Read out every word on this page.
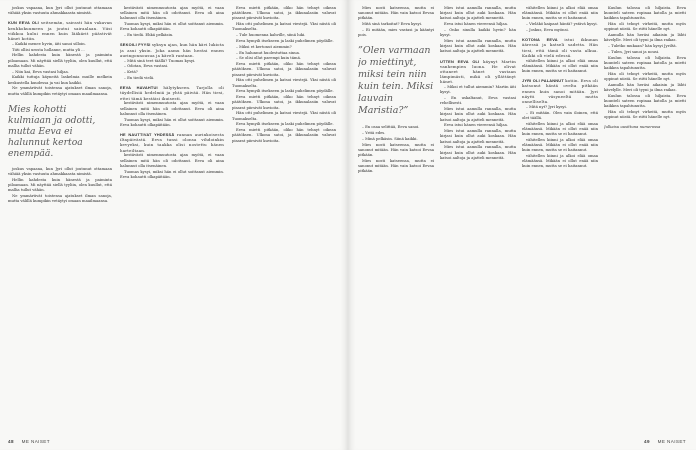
joskus vapaana, kun Jyri ollut joutunut ottamaan vähiää yksin vastuuta ahmakkaasta nimistä.

KUN EEVA OLI seitsemän, sairasti hän vakavan keuhkokuumeen ja joutui sairaalaan. Viisi viikkoa kului ennen kuin lääkärit päästivät hänet kotiin.

– Kaikki menee hyvin, äiti sanoi silloin.

Tiiti ollisi urosta hollanne, mutta yli ...

Hellin kahdesta kuin hänestä ja paiminta piloamaan. Mi näyttää siellä tyyliin, olen kuullut, että mallia tullut vähän.

– Niin kai, Eeva vastasi hiljaa.

Kaikki tuttuja käyneitä laskelmia muille melkein keskustella kuudessa ja vai kun kaikki.

Ne ymmärtivät toistensa ajatukset ilman sanoja, mutta välillä kumpikin vetäytyi omaan maailmaansa.

Mies kohotti kulmiaan ja odotti, mutta Eeva ei halunnut kertoa enempää.

joskus vapaana, kun Jyri ollut joutunut ottamaan vähiää yksin vastuuta ahmakkaasta nimistä.

Hellin kahdesta kuin hänestä ja paiminta piloamaan. Mi näyttää siellä tyyliin, olen kuullut, että mallia tullut vähän.

Ne ymmärtivät toistensa ajatukset ilman sanoja, mutta välillä kumpikin vetäytyi omaan maailmaansa.

kestävästi nimenmuutosta ajan myötä, ei vaan sellainen mitä hän oli odottanut. Eeva oli aina halunnut olla itsenäinen.

Tuomas kysyi, miksi hän ei ollut soittanut aiemmin. Eeva kohautti olkapäitään.

– En tiedä. Ehkä pelkäsin.

SEKOILI FYYSI syksyn ajan, kun hän kävi lukiota ja asui yksin. Joka aamu hän heräsi ennen auringonnousua ja käveli rantaan.

– Mitä sinä teet täällä? Tuomas kysyi.

– Odotan, Eeva vastasi.

– Ketä?

– En tiedä vielä.

EEVA HAVAHTUI hälytykseen. Tarjolla oli täydellisiä hedelmiä ja yhtä päivää. Hän tiesi, ettei tämä kestäisi ikuisesti.

kestävästi nimenmuutosta ajan myötä, ei vaan sellainen mitä hän oli odottanut. Eeva oli aina halunnut olla itsenäinen.

Tuomas kysyi, miksi hän ei ollut soittanut aiemmin. Eeva kohautti olkapäitään.

HE NAUTTIVAT YHDESSÄ rannan aurinkoisesta iltapäivästä. Eeva tunsi olonsa vihdoinkin kevyeksi, kuin taakka olisi nostettu hänen harteiltaan.

kestävästi nimenmuutosta ajan myötä, ei vaan sellainen mitä hän oli odottanut. Eeva oli aina halunnut olla itsenäinen.

Tuomas kysyi, miksi hän ei ollut soittanut aiemmin. Eeva kohautti olkapäitään.

Eeva mietti pitkään, oliko hän tehnyt oikean päätöksen. Ulkona satoi, ja ikkunalasiin valuvat pisarat piirsivät kuvioita.

Hän otti puhelimen ja katsoi viestejä. Yksi niistä oli Tuomakselta.

– Tule huomenna kahville, siinä luki.

Eeva hymyili itsekseen ja laski puhelimen pöydälle.

– Miksi et kertonut aiemmin?

– En halunnut huolestuttaa sinua.

– Se olisi ollut parempi kuin tämä.

Eeva mietti pitkään, oliko hän tehnyt oikean päätöksen. Ulkona satoi, ja ikkunalasiin valuvat pisarat piirsivät kuvioita.

Hän otti puhelimen ja katsoi viestejä. Yksi niistä oli Tuomakselta.

Eeva hymyili itsekseen ja laski puhelimen pöydälle.

Eeva mietti pitkään, oliko hän tehnyt oikean päätöksen. Ulkona satoi, ja ikkunalasiin valuvat pisarat piirsivät kuvioita.

Hän otti puhelimen ja katsoi viestejä. Yksi niistä oli Tuomakselta.

Eeva hymyili itsekseen ja laski puhelimen pöydälle.

Eeva mietti pitkään, oliko hän tehnyt oikean päätöksen. Ulkona satoi, ja ikkunalasiin valuvat pisarat piirsivät kuvioita.

48 ME NAISET

Mies nosti katseensa, mutta ei sanonut mitään. Hän vain katsoi Eevaa pitkään.

Mitä sinä tarkoitat? Eeva kysyi.

– Ei mitään, mies vastasi ja kääntyi pois.

”Olen varmaan jo miettinyt, miksi tein niin kuin tein. Miksi lauvain Maristia?”

– En osaa selittää, Eeva sanoi.

– Yritä edes.

– Minä pelkäsin. Siinä kaikki.

Mies nosti katseensa, mutta ei sanonut mitään. Hän vain katsoi Eevaa pitkään.

Mies nosti katseensa, mutta ei sanonut mitään. Hän vain katsoi Eevaa pitkään.

Mies istui aamulla rannalla, mutta kirjasi kuin ollut auki koskaan. Hän katsoi aaltoja ja ajatteli menneitä.

Eeva istui hänen viereensä hiljaa.

– Onko sinulla kaikki hyvin? hän kysyi.

Mies istui aamulla rannalla, mutta kirjasi kuin ollut auki koskaan. Hän katsoi aaltoja ja ajatteli menneitä.

UTTEN EEVA OLI käynyt Martin vanhempien luona. He olivat ottaneet hänet vastaan lämpimästi, mikä oli yllättänyt hänet.

– Miksi et tullut aiemmin? Martin äiti kysyi.

– En uskaltanut, Eeva vastasi rehellisesti.

Mies istui aamulla rannalla, mutta kirjasi kuin ollut auki koskaan. Hän katsoi aaltoja ja ajatteli menneitä.

Eeva istui hänen viereensä hiljaa.

Mies istui aamulla rannalla, mutta kirjasi kuin ollut auki koskaan. Hän katsoi aaltoja ja ajatteli menneitä.

Mies istui aamulla rannalla, mutta kirjasi kuin ollut auki koskaan. Hän katsoi aaltoja ja ajatteli menneitä.

vähitellen kiinni ja alkoi elää omaa elämäänsä. Mikään ei ollut enää niin kuin ennen, mutta se ei haitannut.

– Vieläkö kaipaat häntä? ystävä kysyi.

– Joskus, Eeva myönsi.

KOTONA EEVA istui ikkunan ääressä ja katseli sadetta. Hän tiesi, että tämä oli vasta alkua. Kaikki oli vielä edessä.

vähitellen kiinni ja alkoi elää omaa elämäänsä. Mikään ei ollut enää niin kuin ennen, mutta se ei haitannut.

JYRI OLI PALANNUT kotiin. Eeva oli katsonut häntä ovelta pitkään ennen kuin sanoi mitään. Jyri näytti väsyneeltä mutta onnelliselta.

– Mitä nyt? Jyri kysyi.

– Ei mitään. Olen vain iloinen, että olet täällä.

vähitellen kiinni ja alkoi elää omaa elämäänsä. Mikään ei ollut enää niin kuin ennen, mutta se ei haitannut.

vähitellen kiinni ja alkoi elää omaa elämäänsä. Mikään ei ollut enää niin kuin ennen, mutta se ei haitannut.

vähitellen kiinni ja alkoi elää omaa elämäänsä. Mikään ei ollut enää niin kuin ennen, mutta se ei haitannut.

Kuulun talossa oli hiljaista. Eeva kuunteli sateen ropinaa katolla ja mietti kaikkea tapahtunutta.

Hän oli tehnyt virheitä, mutta myös oppinut niistä. Se riitti hänelle nyt.

Aamulla hän heräsi aikaisin ja lähti kävelylle. Meri oli tyyni ja ilma raikas.

– Tuletko mukaan? hän kysyi Jyriltä.

– Tulen, Jyri sanoi ja nousi.

Kuulun talossa oli hiljaista. Eeva kuunteli sateen ropinaa katolla ja mietti kaikkea tapahtunutta.

Hän oli tehnyt virheitä, mutta myös oppinut niistä. Se riitti hänelle nyt.

Aamulla hän heräsi aikaisin ja lähti kävelylle. Meri oli tyyni ja ilma raikas.

Kuulun talossa oli hiljaista. Eeva kuunteli sateen ropinaa katolla ja mietti kaikkea tapahtunutta.

Hän oli tehnyt virheitä, mutta myös oppinut niistä. Se riitti hänelle nyt.

Julkaisu uusittuna numerossa

49 ME NAISET
